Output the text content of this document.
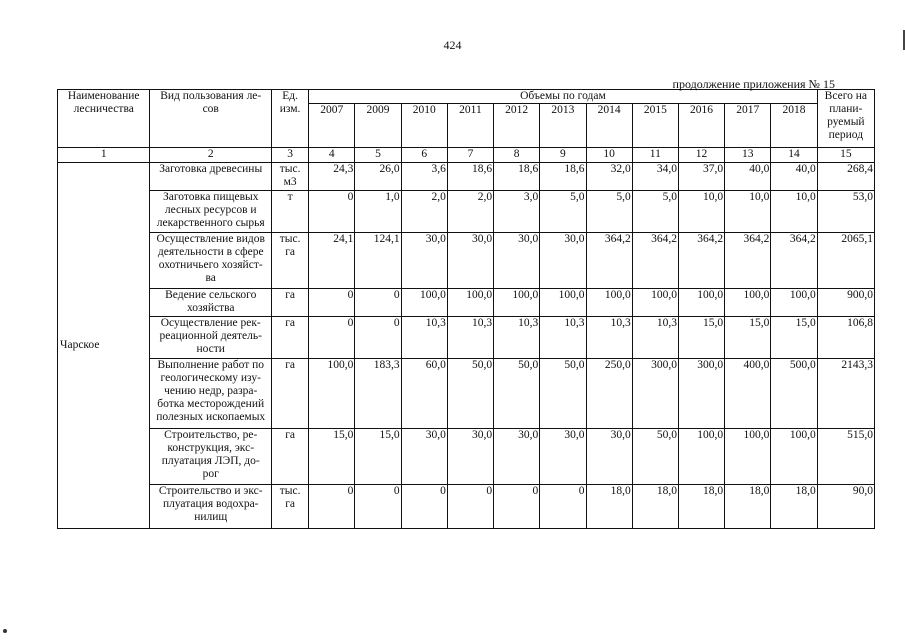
424
продолжение приложения № 15
Наименование
лесничества	Вид пользования ле-
сов	Ед.
изм.	Объемы по годам											Всего на
плани-
руемый
период
			2007	2009	2010	2011	2012	2013	2014	2015	2016	2017	2018	
1	2	3	4	5	6	7	8	9	10	11	12	13	14	15
Чарское	Заготовка древесины	тыс.
м3	24,3	26,0	3,6	18,6	18,6	18,6	32,0	34,0	37,0	40,0	40,0	268,4
	Заготовка пищевых
лесных ресурсов и
лекарственного сырья	т	0	1,0	2,0	2,0	3,0	5,0	5,0	5,0	10,0	10,0	10,0	53,0
	Осуществление видов
деятельности в сфере
охотничьего хозяйст-
ва	тыс.
га	24,1	124,1	30,0	30,0	30,0	30,0	364,2	364,2	364,2	364,2	364,2	2065,1
	Ведение сельского
хозяйства	га	0	0	100,0	100,0	100,0	100,0	100,0	100,0	100,0	100,0	100,0	900,0
	Осуществление рек-
реационной деятель-
ности	га	0	0	10,3	10,3	10,3	10,3	10,3	10,3	15,0	15,0	15,0	106,8
	Выполнение работ по
геологическому изу-
чению недр, разра-
ботка месторождений
полезных ископаемых	га	100,0	183,3	60,0	50,0	50,0	50,0	250,0	300,0	300,0	400,0	500,0	2143,3
	Строительство, ре-
конструкция, экс-
плуатация ЛЭП, до-
рог	га	15,0	15,0	30,0	30,0	30,0	30,0	30,0	50,0	100,0	100,0	100,0	515,0
	Строительство и экс-
плуатация водохра-
нилищ	тыс.
га	0	0	0	0	0	0	18,0	18,0	18,0	18,0	18,0	90,0
